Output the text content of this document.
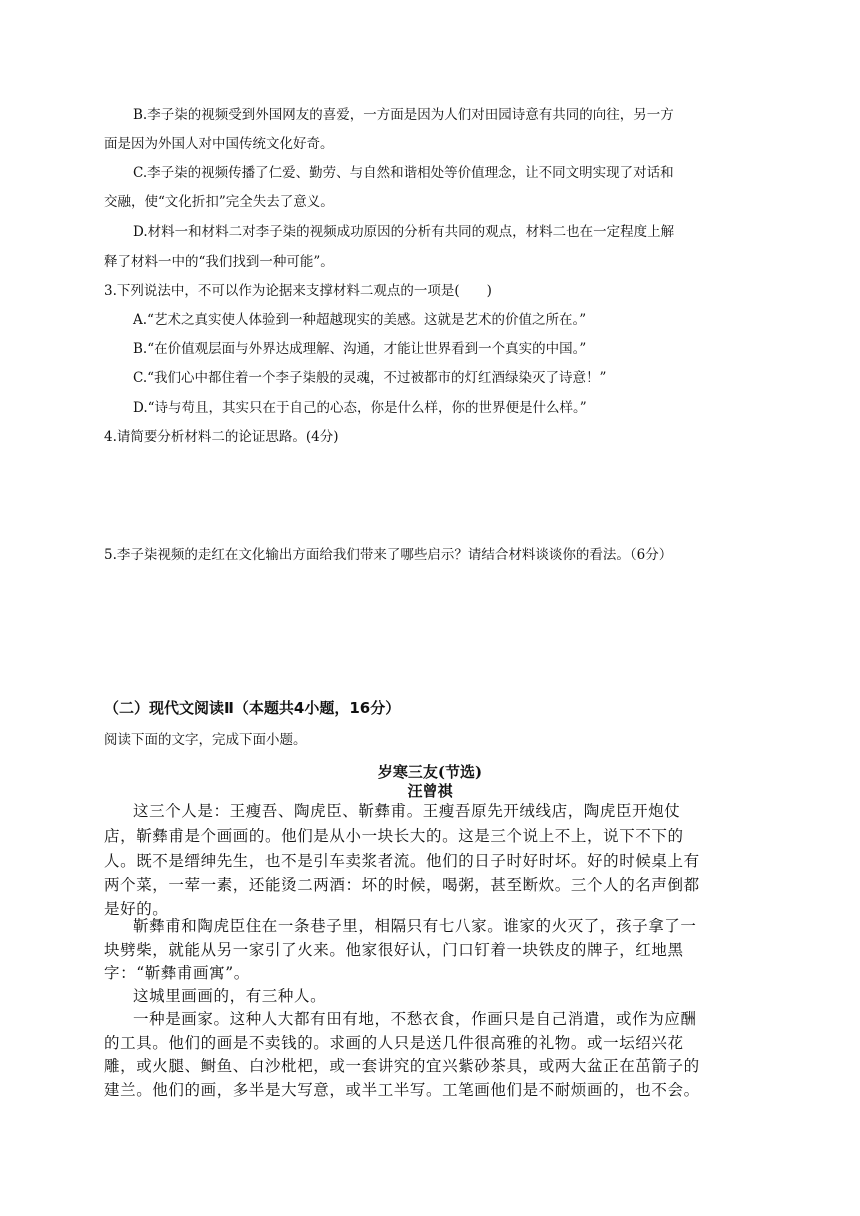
B.李子柒的视频受到外国网友的喜爱，一方面是因为人们对田园诗意有共同的向往，另一方
面是因为外国人对中国传统文化好奇。
C.李子柒的视频传播了仁爱、勤劳、与自然和谐相处等价值理念，让不同文明实现了对话和
交融，使“文化折扣”完全失去了意义。
D.材料一和材料二对李子柒的视频成功原因的分析有共同的观点，材料二也在一定程度上解
释了材料一中的“我们找到一种可能”。
3.下列说法中，不可以作为论据来支撑材料二观点的一项是(　　)
A.“艺术之真实使人体验到一种超越现实的美感。这就是艺术的价值之所在。”
B.“在价值观层面与外界达成理解、沟通，才能让世界看到一个真实的中国。”
C.“我们心中都住着一个李子柒般的灵魂，不过被都市的灯红酒绿染灭了诗意！”
D.“诗与苟且，其实只在于自己的心态，你是什么样，你的世界便是什么样。”
4.请简要分析材料二的论证思路。(4分)
5.李子柒视频的走红在文化输出方面给我们带来了哪些启示？请结合材料谈谈你的看法。（6分）
（二）现代文阅读Ⅱ（本题共4小题，16分）
阅读下面的文字，完成下面小题。
岁寒三友(节选)
汪曾祺
这三个人是：王瘦吾、陶虎臣、靳彝甫。王瘦吾原先开绒线店，陶虎臣开炮仗
店，靳彝甫是个画画的。他们是从小一块长大的。这是三个说上不上，说下不下的
人。既不是缙绅先生，也不是引车卖浆者流。他们的日子时好时坏。好的时候桌上有
两个菜，一荤一素，还能烫二两酒：坏的时候，喝粥，甚至断炊。三个人的名声倒都
是好的。
靳彝甫和陶虎臣住在一条巷子里，相隔只有七八家。谁家的火灭了，孩子拿了一
块劈柴，就能从另一家引了火来。他家很好认，门口钉着一块铁皮的牌子，红地黑
字：“靳彝甫画寓”。
这城里画画的，有三种人。
一种是画家。这种人大都有田有地，不愁衣食，作画只是自己消遣，或作为应酬
的工具。他们的画是不卖钱的。求画的人只是送几件很高雅的礼物。或一坛绍兴花
雕，或火腿、鲥鱼、白沙枇杷，或一套讲究的宜兴紫砂茶具，或两大盆正在茁箭子的
建兰。他们的画，多半是大写意，或半工半写。工笔画他们是不耐烦画的，也不会。
